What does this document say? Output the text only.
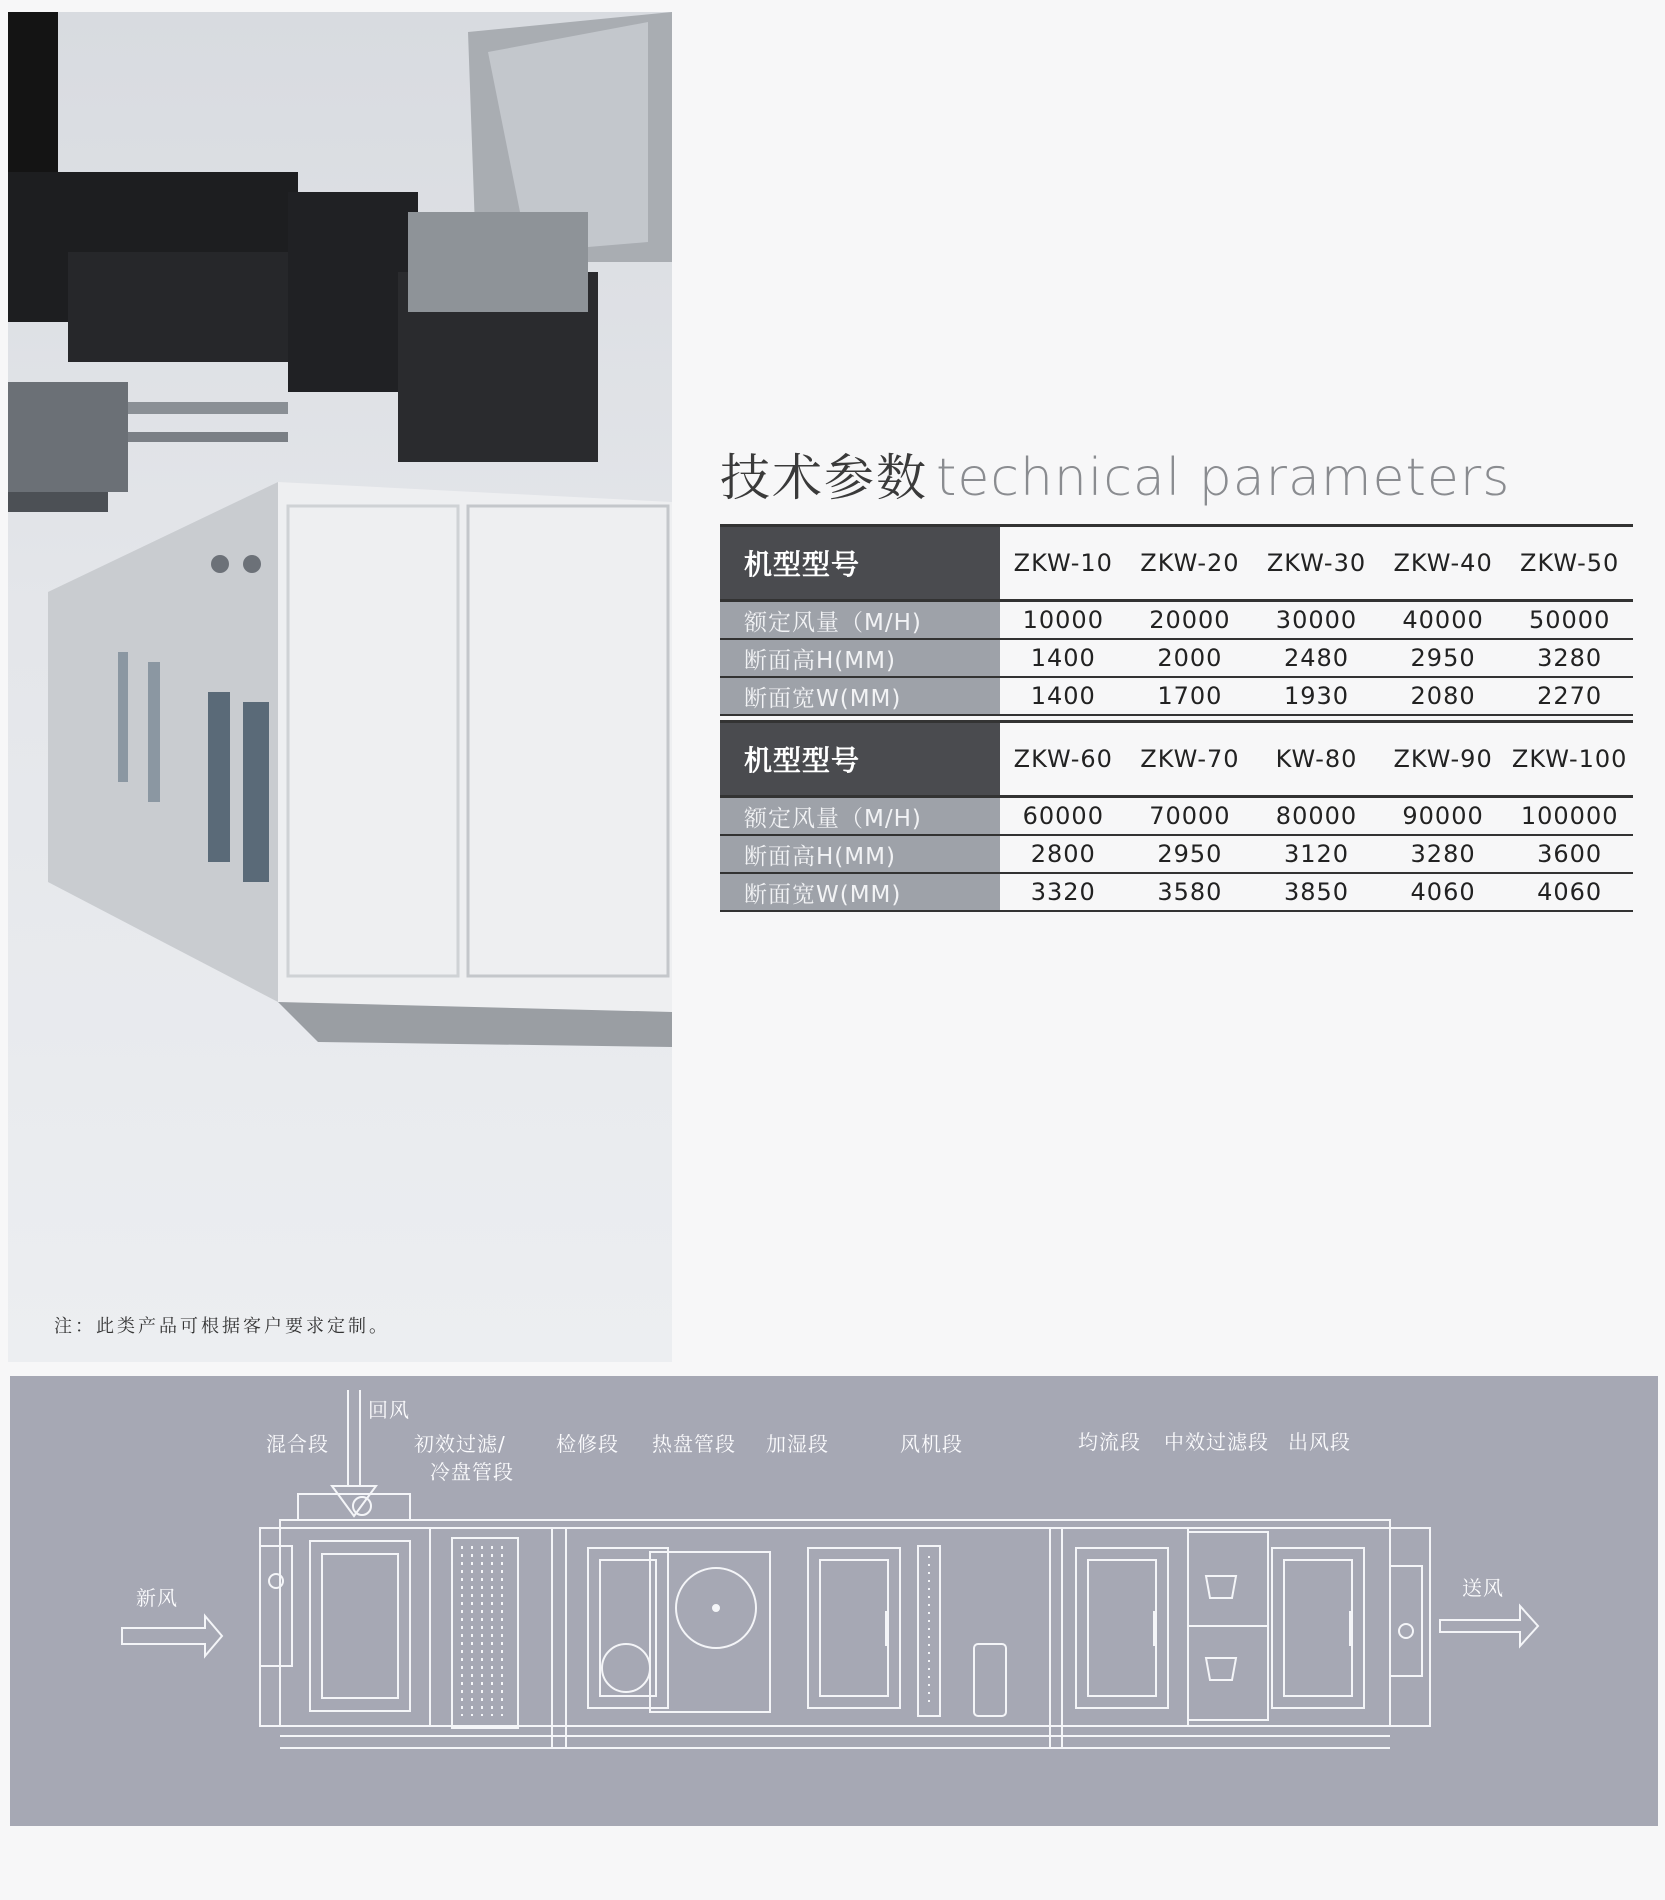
注：此类产品可根据客户要求定制。
技术参数 technical parameters
机型型号	ZKW-10	ZKW-20	ZKW-30	ZKW-40	ZKW-50
额定风量（M/H)	10000	20000	30000	40000	50000
断面高H(MM)	1400	2000	2480	2950	3280
断面宽W(MM)	1400	1700	1930	2080	2270
机型型号	ZKW-60	ZKW-70	KW-80	ZKW-90 ZKW-100
额定风量（M/H)	60000	70000	80000	90000	100000
断面高H(MM)	2800	2950	3120	3280	3600
断面宽W(MM)	3320	3580	3850	4060	4060
回风
混合段	初效过滤/
冷盘管段
检修段 热盘管段 加湿段	风机段	均流段 中效过滤段 出风段
新风	送风
